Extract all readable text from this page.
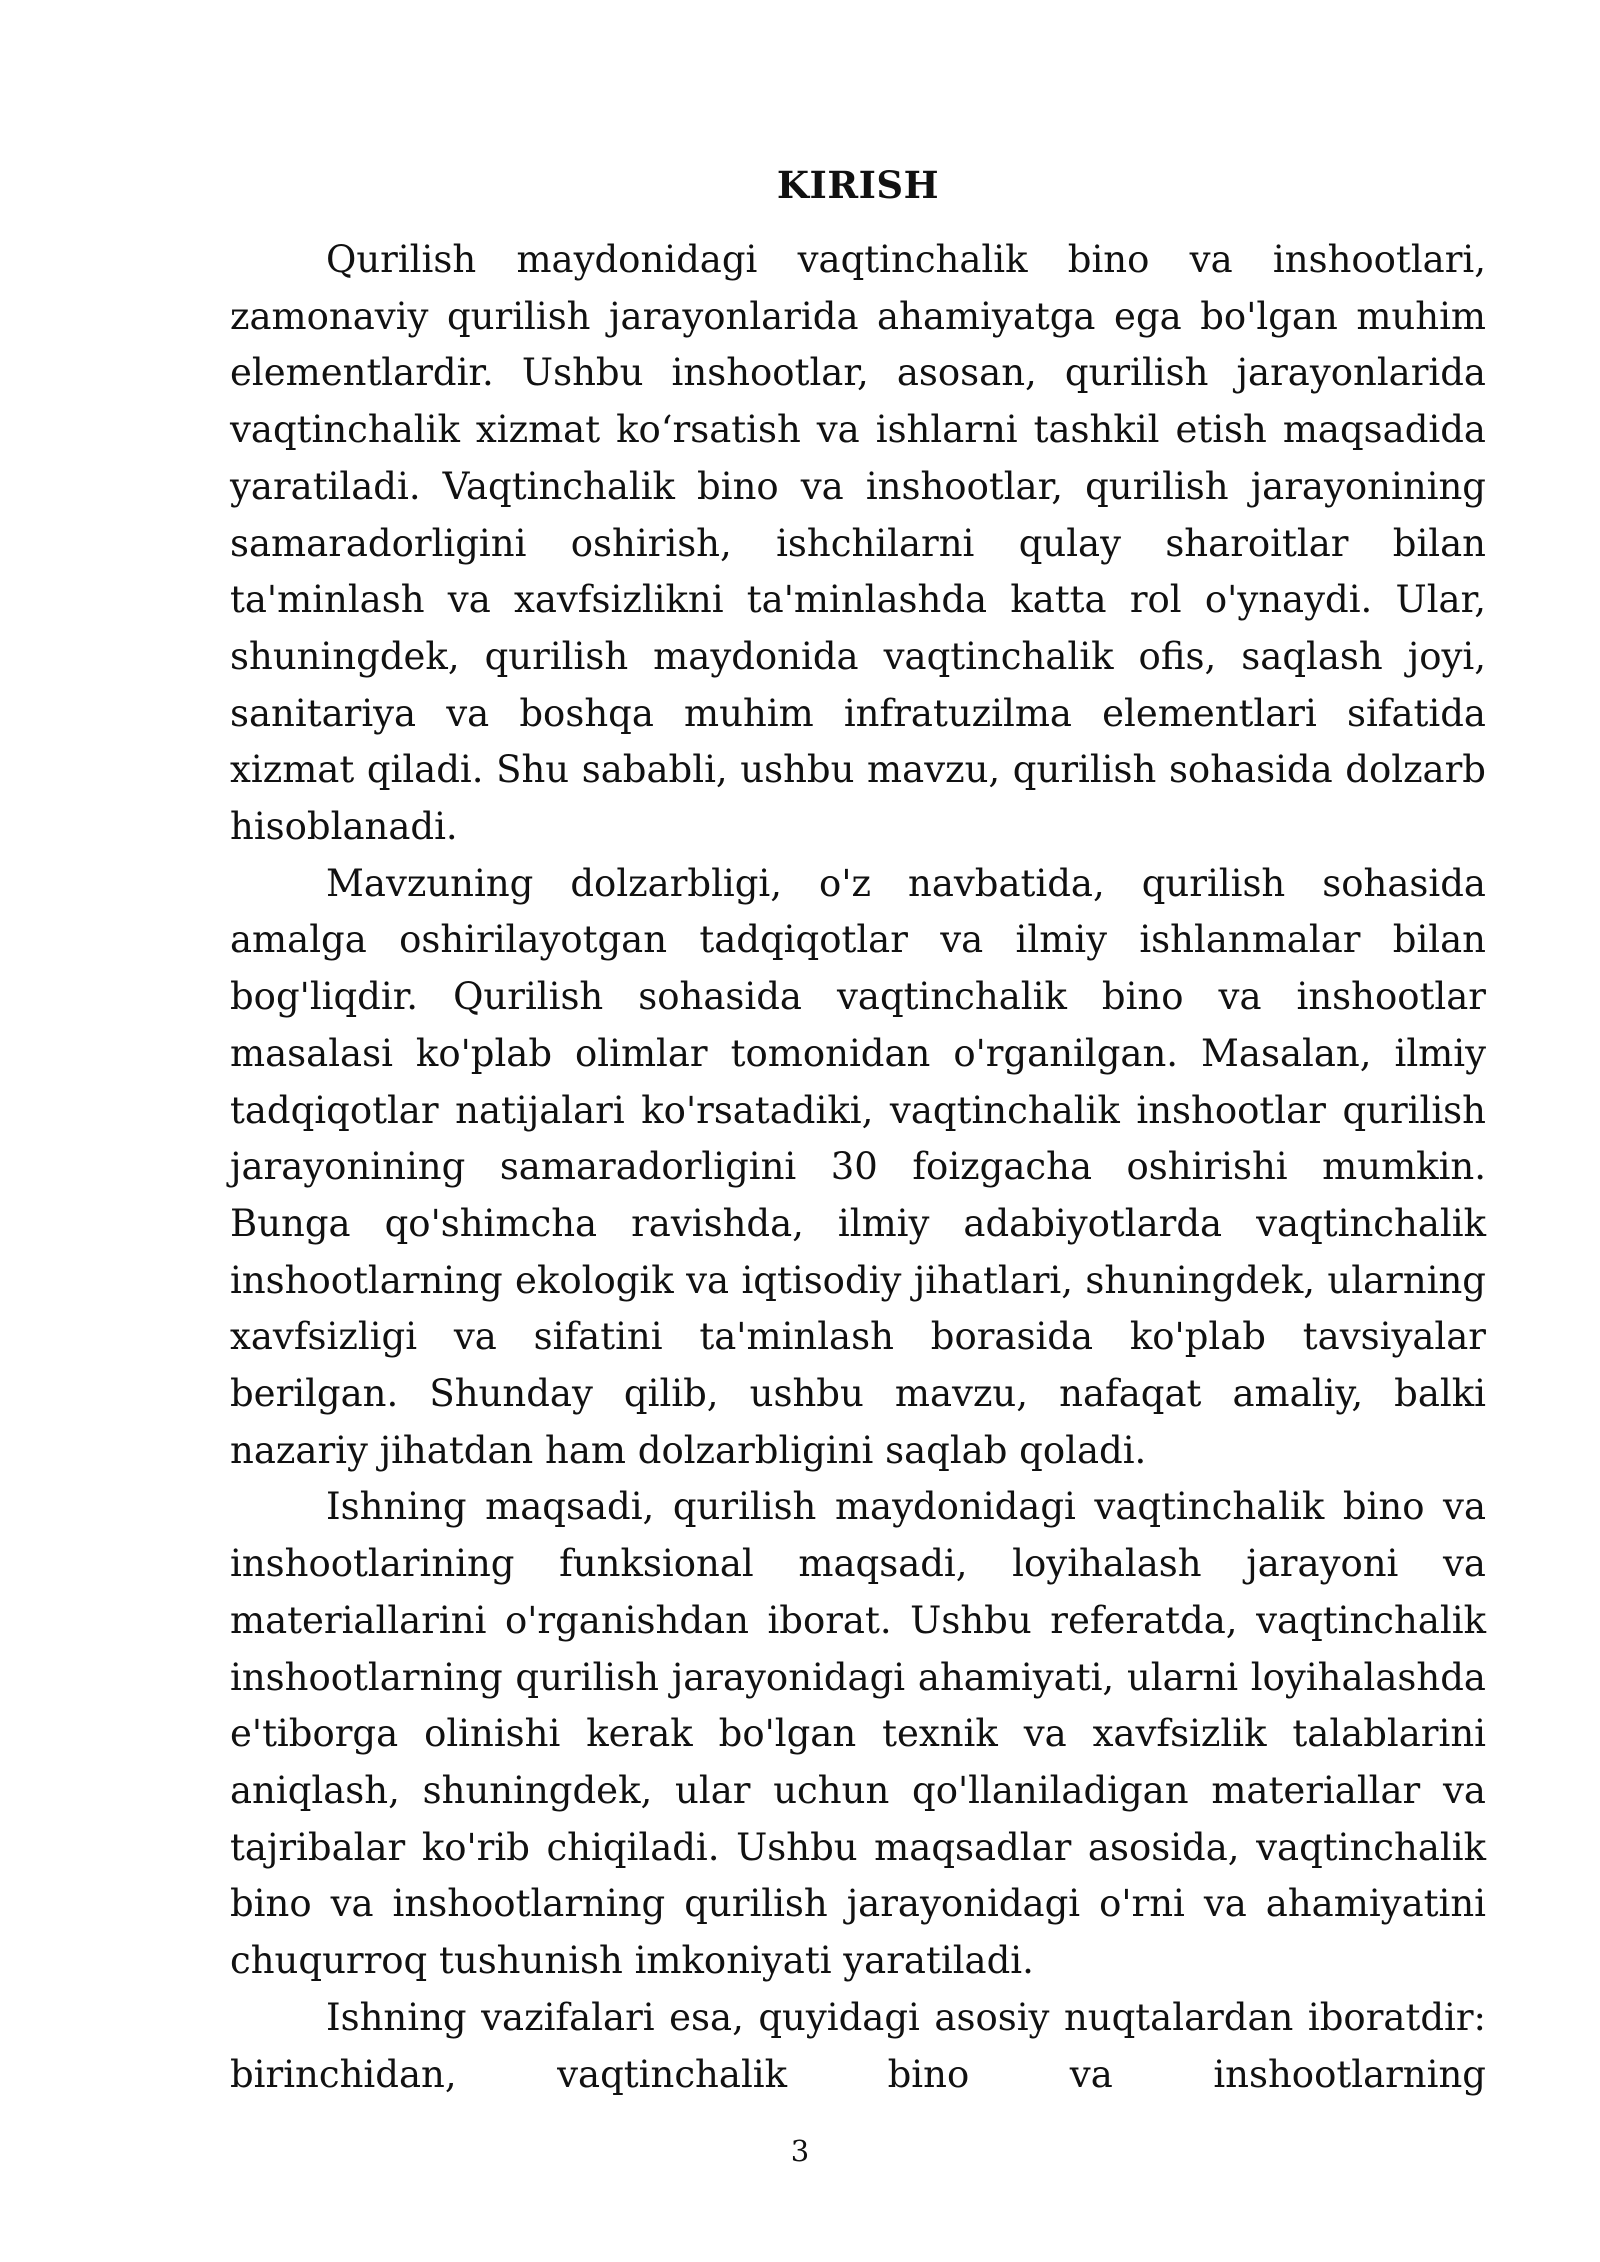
KIRISH

Qurilish maydonidagi vaqtinchalik bino va inshootlari, zamonaviy qurilish jarayonlarida ahamiyatga ega bo'lgan muhim elementlardir. Ushbu inshootlar, asosan, qurilish jarayonlarida vaqtinchalik xizmat ko‘rsatish va ishlarni tashkil etish maqsadida yaratiladi. Vaqtinchalik bino va inshootlar, qurilish jarayonining samaradorligini oshirish, ishchilarni qulay sharoitlar bilan ta'minlash va xavfsizlikni ta'minlashda katta rol o'ynaydi. Ular, shuningdek, qurilish maydonida vaqtinchalik ofis, saqlash joyi, sanitariya va boshqa muhim infratuzilma elementlari sifatida xizmat qiladi. Shu sababli, ushbu mavzu, qurilish sohasida dolzarb hisoblanadi.

Mavzuning dolzarbligi, o'z navbatida, qurilish sohasida amalga oshirilayotgan tadqiqotlar va ilmiy ishlanmalar bilan bog'liqdir. Qurilish sohasida vaqtinchalik bino va inshootlar masalasi ko'plab olimlar tomonidan o'rganilgan. Masalan, ilmiy tadqiqotlar natijalari ko'rsatadiki, vaqtinchalik inshootlar qurilish jarayonining samaradorligini 30 foizgacha oshirishi mumkin. Bunga qo'shimcha ravishda, ilmiy adabiyotlarda vaqtinchalik inshootlarning ekologik va iqtisodiy jihatlari, shuningdek, ularning xavfsizligi va sifatini ta'minlash borasida ko'plab tavsiyalar berilgan. Shunday qilib, ushbu mavzu, nafaqat amaliy, balki nazariy jihatdan ham dolzarbligini saqlab qoladi.

Ishning maqsadi, qurilish maydonidagi vaqtinchalik bino va inshootlarining funksional maqsadi, loyihalash jarayoni va materiallarini o'rganishdan iborat. Ushbu referatda, vaqtinchalik inshootlarning qurilish jarayonidagi ahamiyati, ularni loyihalashda e'tiborga olinishi kerak bo'lgan texnik va xavfsizlik talablarini aniqlash, shuningdek, ular uchun qo'llaniladigan materiallar va tajribalar ko'rib chiqiladi. Ushbu maqsadlar asosida, vaqtinchalik bino va inshootlarning qurilish jarayonidagi o'rni va ahamiyatini chuqurroq tushunish imkoniyati yaratiladi.

Ishning vazifalari esa, quyidagi asosiy nuqtalardan iboratdir: birinchidan, vaqtinchalik bino va inshootlarning

3
